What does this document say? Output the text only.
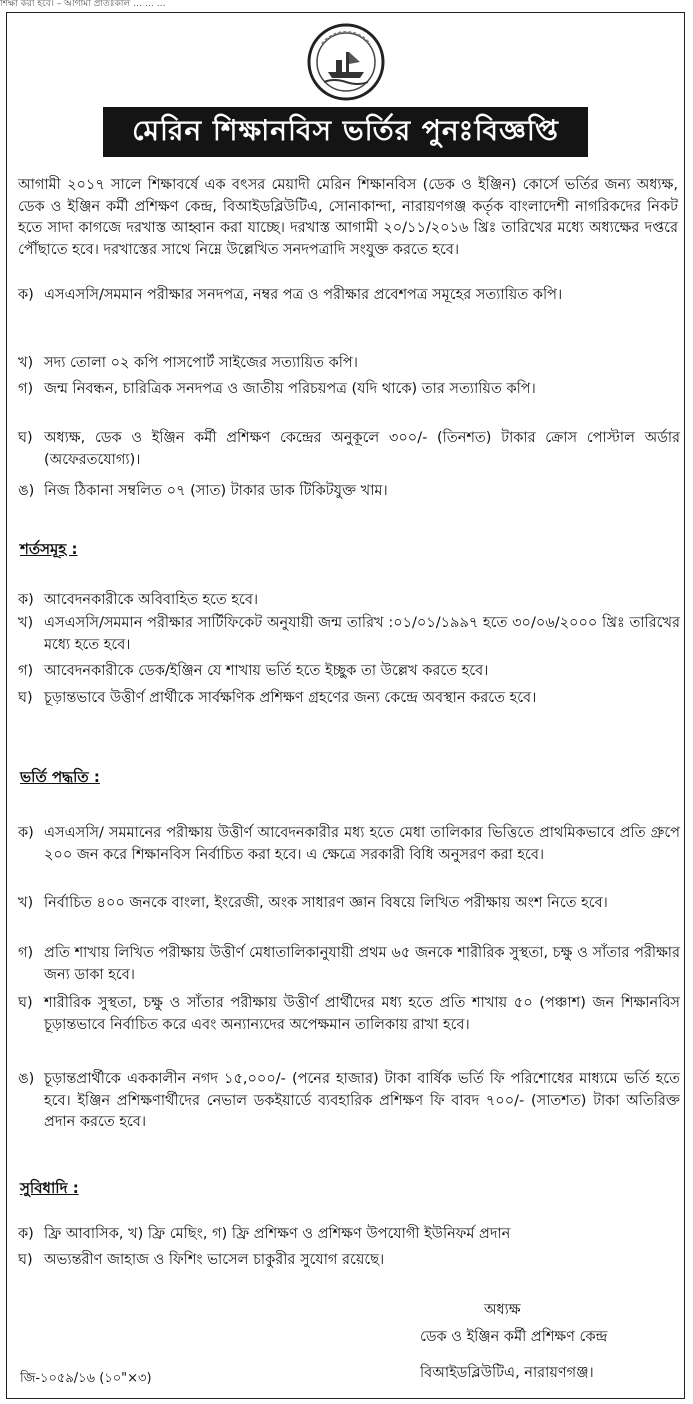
শিক্ষা করা হবে। – আগামী প্রাতঃকাল … … …
মেরিন শিক্ষানবিস ভর্তির পুনঃবিজ্ঞপ্তি
আগামী ২০১৭ সালে শিক্ষাবর্ষে এক বৎসর মেয়াদী মেরিন শিক্ষানবিস (ডেক ও ইঞ্জিন) কোর্সে ভর্তির জন্য অধ্যক্ষ, ডেক ও ইঞ্জিন কর্মী প্রশিক্ষণ কেন্দ্র, বিআইডব্লিউটিএ, সোনাকান্দা, নারায়ণগঞ্জ কর্তৃক বাংলাদেশী নাগরিকদের নিকট হতে সাদা কাগজে দরখাস্ত আহ্বান করা যাচ্ছে। দরখাস্ত আগামী ২০/১১/২০১৬ খ্রিঃ তারিখের মধ্যে অধ্যক্ষের দপ্তরে পৌঁছাতে হবে। দরখাস্তের সাথে নিম্নে উল্লেখিত সনদপত্রাদি সংযুক্ত করতে হবে।
ক) এসএসসি/সমমান পরীক্ষার সনদপত্র, নম্বর পত্র ও পরীক্ষার প্রবেশপত্র সমূহের সত্যায়িত কপি।
খ) সদ্য তোলা ০২ কপি পাসপোর্ট সাইজের সত্যায়িত কপি।
গ) জন্ম নিবন্ধন, চারিত্রিক সনদপত্র ও জাতীয় পরিচয়পত্র (যদি থাকে) তার সত্যায়িত কপি।
ঘ) অধ্যক্ষ, ডেক ও ইঞ্জিন কর্মী প্রশিক্ষণ কেন্দ্রের অনুকূলে ৩০০/- (তিনশত) টাকার ক্রোস পোস্টাল অর্ডার (অফেরতযোগ্য)।
ঙ) নিজ ঠিকানা সম্বলিত ০৭ (সাত) টাকার ডাক টিকিটযুক্ত খাম।
শর্তসমূহ :
ক) আবেদনকারীকে অবিবাহিত হতে হবে।
খ) এসএসসি/সমমান পরীক্ষার সার্টিফিকেট অনুযায়ী জন্ম তারিখ :০১/০১/১৯৯৭ হতে ৩০/০৬/২০০০ খ্রিঃ তারিখের মধ্যে হতে হবে।
গ) আবেদনকারীকে ডেক/ইঞ্জিন যে শাখায় ভর্তি হতে ইচ্ছুক তা উল্লেখ করতে হবে।
ঘ) চূড়ান্তভাবে উত্তীর্ণ প্রার্থীকে সার্বক্ষণিক প্রশিক্ষণ গ্রহণের জন্য কেন্দ্রে অবস্থান করতে হবে।
ভর্তি পদ্ধতি :
ক) এসএসসি/ সমমানের পরীক্ষায় উত্তীর্ণ আবেদনকারীর মধ্য হতে মেধা তালিকার ভিত্তিতে প্রাথমিকভাবে প্রতি গ্রুপে ২০০ জন করে শিক্ষানবিস নির্বাচিত করা হবে। এ ক্ষেত্রে সরকারী বিধি অনুসরণ করা হবে।
খ) নির্বাচিত ৪০০ জনকে বাংলা, ইংরেজী, অংক সাধারণ জ্ঞান বিষয়ে লিখিত পরীক্ষায় অংশ নিতে হবে।
গ) প্রতি শাখায় লিখিত পরীক্ষায় উত্তীর্ণ মেধাতালিকানুযায়ী প্রথম ৬৫ জনকে শারীরিক সুস্থতা, চক্ষু ও সাঁতার পরীক্ষার জন্য ডাকা হবে।
ঘ) শারীরিক সুস্থতা, চক্ষু ও সাঁতার পরীক্ষায় উত্তীর্ণ প্রার্থীদের মধ্য হতে প্রতি শাখায় ৫০ (পঞ্চাশ) জন শিক্ষানবিস চূড়ান্তভাবে নির্বাচিত করে এবং অন্যান্যদের অপেক্ষমান তালিকায় রাখা হবে।
ঙ) চূড়ান্তপ্রার্থীকে এককালীন নগদ ১৫,০০০/- (পনের হাজার) টাকা বার্ষিক ভর্তি ফি পরিশোধের মাধ্যমে ভর্তি হতে হবে। ইঞ্জিন প্রশিক্ষণার্থীদের নেভাল ডকইয়ার্ডে ব্যবহারিক প্রশিক্ষণ ফি বাবদ ৭০০/- (সাতশত) টাকা অতিরিক্ত প্রদান করতে হবে।
সুবিধাদি :
ক) ফ্রি আবাসিক, খ) ফ্রি মেছিং, গ) ফ্রি প্রশিক্ষণ ও প্রশিক্ষণ উপযোগী ইউনিফর্ম প্রদান
ঘ) অভ্যন্তরীণ জাহাজ ও ফিশিং ভাসেল চাকুরীর সুযোগ রয়েছে।
অধ্যক্ষ
ডেক ও ইঞ্জিন কর্মী প্রশিক্ষণ কেন্দ্র
বিআইডব্লিউটিএ, নারায়ণগঞ্জ।
জি-১০৫৯/১৬ (১০"×৩)
